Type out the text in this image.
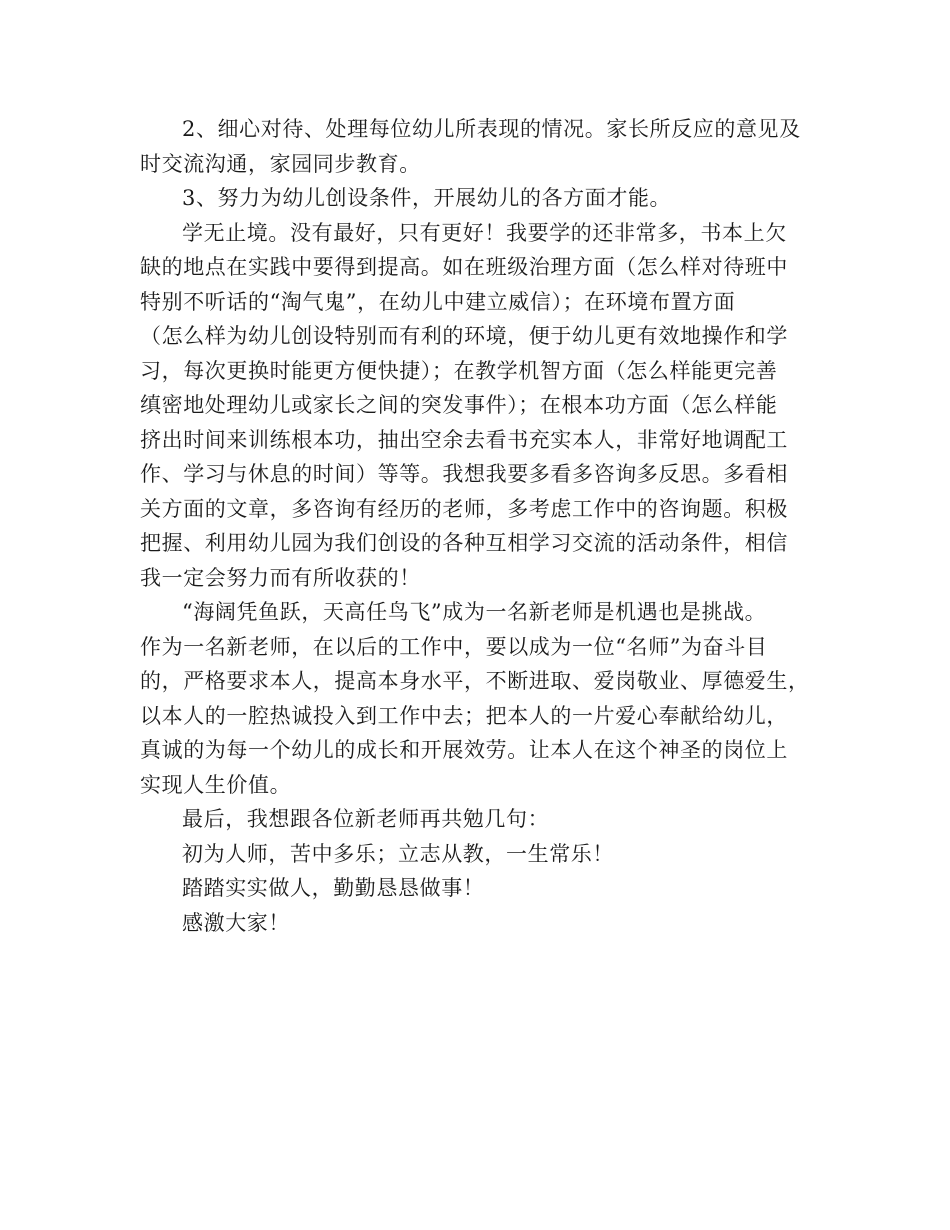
2、细心对待、处理每位幼儿所表现的情况。家长所反应的意见及
时交流沟通，家园同步教育。
3、努力为幼儿创设条件，开展幼儿的各方面才能。
学无止境。没有最好，只有更好！我要学的还非常多，书本上欠
缺的地点在实践中要得到提高。如在班级治理方面（怎么样对待班中
特别不听话的“淘气鬼”，在幼儿中建立威信）；在环境布置方面
（怎么样为幼儿创设特别而有利的环境，便于幼儿更有效地操作和学
习，每次更换时能更方便快捷）；在教学机智方面（怎么样能更完善
缜密地处理幼儿或家长之间的突发事件）；在根本功方面（怎么样能
挤出时间来训练根本功，抽出空余去看书充实本人，非常好地调配工
作、学习与休息的时间）等等。我想我要多看多咨询多反思。多看相
关方面的文章，多咨询有经历的老师，多考虑工作中的咨询题。积极
把握、利用幼儿园为我们创设的各种互相学习交流的活动条件，相信
我一定会努力而有所收获的！
“海阔凭鱼跃，天高任鸟飞”成为一名新老师是机遇也是挑战。
作为一名新老师，在以后的工作中，要以成为一位“名师”为奋斗目
的，严格要求本人，提高本身水平，不断进取、爱岗敬业、厚德爱生，
以本人的一腔热诚投入到工作中去；把本人的一片爱心奉献给幼儿，
真诚的为每一个幼儿的成长和开展效劳。让本人在这个神圣的岗位上
实现人生价值。
最后，我想跟各位新老师再共勉几句：
初为人师，苦中多乐；立志从教，一生常乐！
踏踏实实做人，勤勤恳恳做事！
感激大家！
